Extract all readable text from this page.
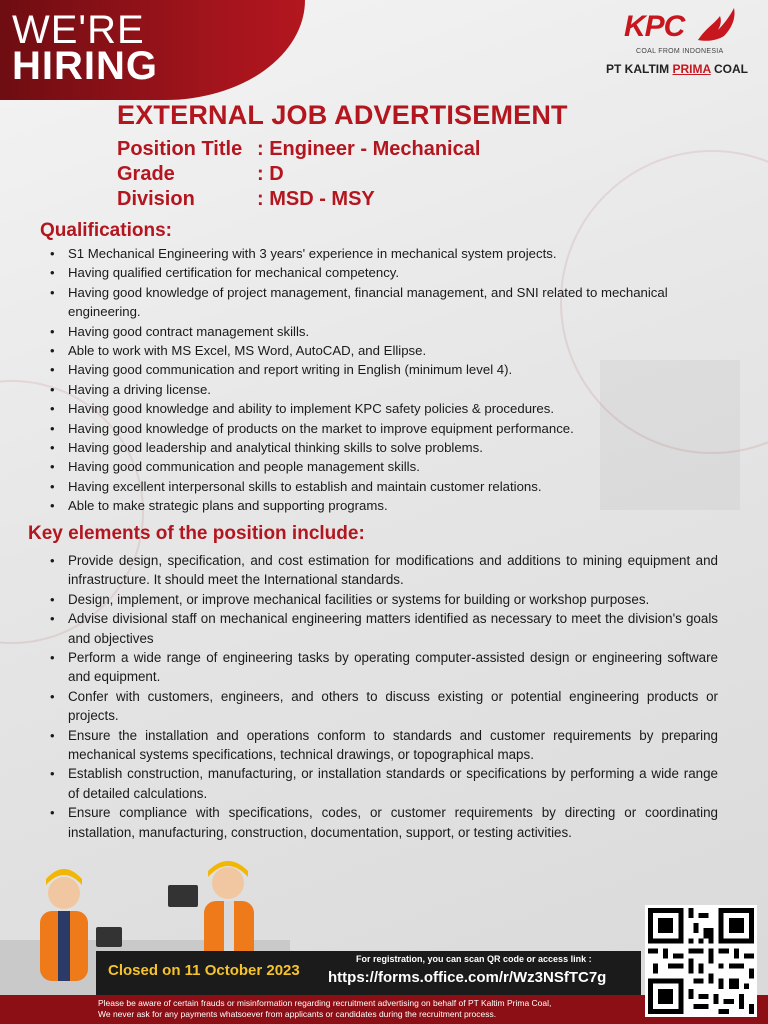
WE'RE
HIRING
KPC
COAL FROM INDONESIA
PT KALTIM PRIMA COAL
EXTERNAL JOB ADVERTISEMENT
Position Title : Engineer - Mechanical
Grade	: D
Division	: MSD - MSY
Qualifications:
• S1 Mechanical Engineering with 3 years' experience in mechanical system projects.
• Having qualified certification for mechanical competency.
• Having good knowledge of project management, financial management, and SNI related to mechanical engineering.
• Having good contract management skills.
• Able to work with MS Excel, MS Word, AutoCAD, and Ellipse.
• Having good communication and report writing in English (minimum level 4).
• Having a driving license.
• Having good knowledge and ability to implement KPC safety policies & procedures.
• Having good knowledge of products on the market to improve equipment performance.
• Having good leadership and analytical thinking skills to solve problems.
• Having good communication and people management skills.
• Having excellent interpersonal skills to establish and maintain customer relations.
• Able to make strategic plans and supporting programs.
Key elements of the position include:
• Provide design, specification, and cost estimation for modifications and additions to mining equipment and infrastructure. It should meet the International standards.
• Design, implement, or improve mechanical facilities or systems for building or workshop purposes.
• Advise divisional staff on mechanical engineering matters identified as necessary to meet the division's goals and objectives
• Perform a wide range of engineering tasks by operating computer-assisted design or engineering software and equipment.
• Confer with customers, engineers, and others to discuss existing or potential engineering products or projects.
• Ensure the installation and operations conform to standards and customer requirements by preparing mechanical systems specifications, technical drawings, or topographical maps.
• Establish construction, manufacturing, or installation standards or specifications by performing a wide range of detailed calculations.
• Ensure compliance with specifications, codes, or customer requirements by directing or coordinating installation, manufacturing, construction, documentation, support, or testing activities.
Closed on 11 October 2023
For registration, you can scan QR code or access link :
https://forms.office.com/r/Wz3NSfTC7g
Please be aware of certain frauds or misinformation regarding recruitment advertising on behalf of PT Kaltim Prima Coal,
We never ask for any payments whatsoever from applicants or candidates during the recruitment process.
